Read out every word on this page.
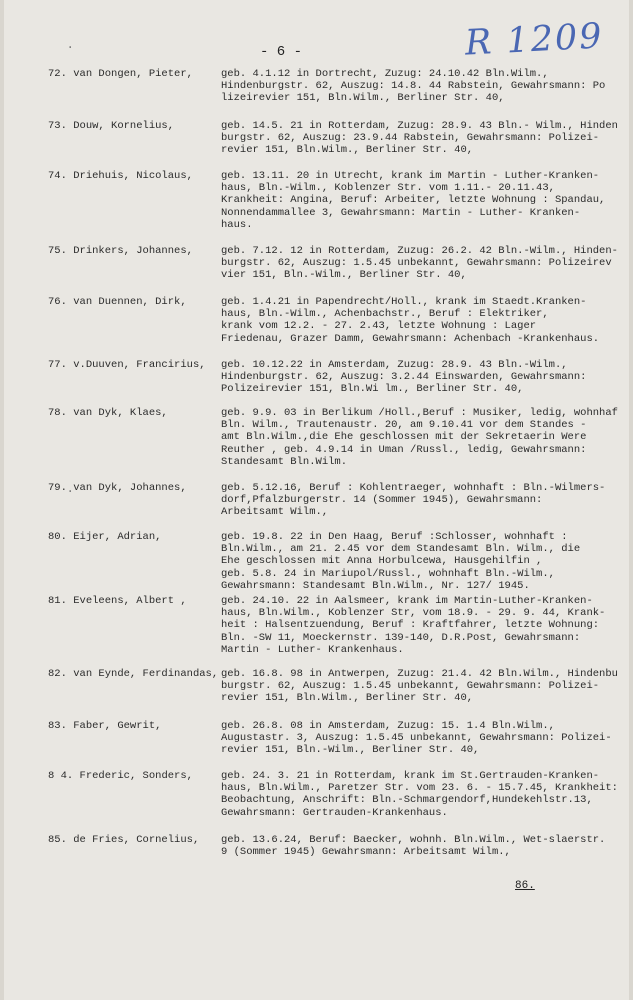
·
·
- 6 -	R 1209
72. van Dongen, Pieter,	geb. 4.1.12 in Dortrecht, Zuzug: 24.10.42 Bln.Wilm.,
Hindenburgstr. 62, Auszug: 14.8. 44 Rabstein, Gewahrsmann: Po
lizeirevier 151, Bln.Wilm., Berliner Str. 40,
73. Douw, Kornelius,	geb. 14.5. 21 in Rotterdam, Zuzug: 28.9. 43 Bln.- Wilm., Hinden
burgstr. 62, Auszug: 23.9.44 Rabstein, Gewahrsmann: Polizei-
revier 151, Bln.Wilm., Berliner Str. 40,
74. Driehuis, Nicolaus,	geb. 13.11. 20 in Utrecht, krank im Martin - Luther-Kranken-
haus, Bln.-Wilm., Koblenzer Str. vom 1.11.- 20.11.43,
Krankheit: Angina, Beruf: Arbeiter, letzte Wohnung : Spandau,
Nonnendammallee 3, Gewahrsmann: Martin - Luther- Kranken-
haus.
75. Drinkers, Johannes,	geb. 7.12. 12 in Rotterdam, Zuzug: 26.2. 42 Bln.-Wilm., Hinden-
burgstr. 62, Auszug: 1.5.45 unbekannt, Gewahrsmann: Polizeirev
vier 151, Bln.-Wilm., Berliner Str. 40,
76. van Duennen, Dirk,	geb. 1.4.21 in Papendrecht/Holl., krank im Staedt.Kranken-
haus, Bln.-Wilm., Achenbachstr., Beruf : Elektriker,
krank vom 12.2. - 27. 2.43, letzte Wohnung : Lager
Friedenau, Grazer Damm, Gewahrsmann: Achenbach -Krankenhaus.
77. v.Duuven, Francirius, geb. 10.12.22 in Amsterdam, Zuzug: 28.9. 43 Bln.-Wilm.,
Hindenburgstr. 62, Auszug: 3.2.44 Einswarden, Gewahrsmann:
Polizeirevier 151, Bln.Wi lm., Berliner Str. 40,
78. van Dyk, Klaes,	geb. 9.9. 03 in Berlikum /Holl.,Beruf : Musiker, ledig, wohnhaf
Bln. Wilm., Trautenaustr. 20, am 9.10.41 vor dem Standes -
amt Bln.Wilm.,die Ehe geschlossen mit der Sekretaerin Were
Reuther , geb. 4.9.14 in Uman /Russl., ledig, Gewahrsmann:
Standesamt Bln.Wilm.
79. van Dyk, Johannes,	geb. 5.12.16, Beruf : Kohlentraeger, wohnhaft : Bln.-Wilmers-
dorf,Pfalzburgerstr. 14 (Sommer 1945), Gewahrsmann:
Arbeitsamt Wilm.,
80. Eijer, Adrian,	geb. 19.8. 22 in Den Haag, Beruf :Schlosser, wohnhaft :
Bln.Wilm., am 21. 2.45 vor dem Standesamt Bln. Wilm., die
Ehe geschlossen mit Anna Horbulcewa, Hausgehilfin ,
geb. 5.8. 24 in Mariupol/Russl., wohnhaft Bln.-Wilm.,
Gewahrsmann: Standesamt Bln.Wilm., Nr. 127/ 1945.
81. Eveleens, Albert ,	geb. 24.10. 22 in Aalsmeer, krank im Martin-Luther-Kranken-
haus, Bln.Wilm., Koblenzer Str, vom 18.9. - 29. 9. 44, Krank-
heit : Halsentzuendung, Beruf : Kraftfahrer, letzte Wohnung:
Bln. -SW 11, Moeckernstr. 139-140, D.R.Post, Gewahrsmann:
Martin - Luther- Krankenhaus.
82. van Eynde, Ferdinandas, geb. 16.8. 98 in Antwerpen, Zuzug: 21.4. 42 Bln.Wilm., Hindenbu
burgstr. 62, Auszug: 1.5.45 unbekannt, Gewahrsmann: Polizei-
revier 151, Bln.Wilm., Berliner Str. 40,
83. Faber, Gewrit,	geb. 26.8. 08 in Amsterdam, Zuzug: 15. 1.4 Bln.Wilm.,
Augustastr. 3, Auszug: 1.5.45 unbekannt, Gewahrsmann: Polizei-
revier 151, Bln.-Wilm., Berliner Str. 40,
8 4. Frederic, Sonders,	geb. 24. 3. 21 in Rotterdam, krank im St.Gertrauden-Kranken-
haus, Bln.Wilm., Paretzer Str. vom 23. 6. - 15.7.45, Krankheit:
Beobachtung, Anschrift: Bln.-Schmargendorf,Hundekehlstr.13,
Gewahrsmann: Gertrauden-Krankenhaus.
85. de Fries, Cornelius, geb. 13.6.24, Beruf: Baecker, wohnh. Bln.Wilm., Wet-slaerstr.
9 (Sommer 1945) Gewahrsmann: Arbeitsamt Wilm.,
86.
